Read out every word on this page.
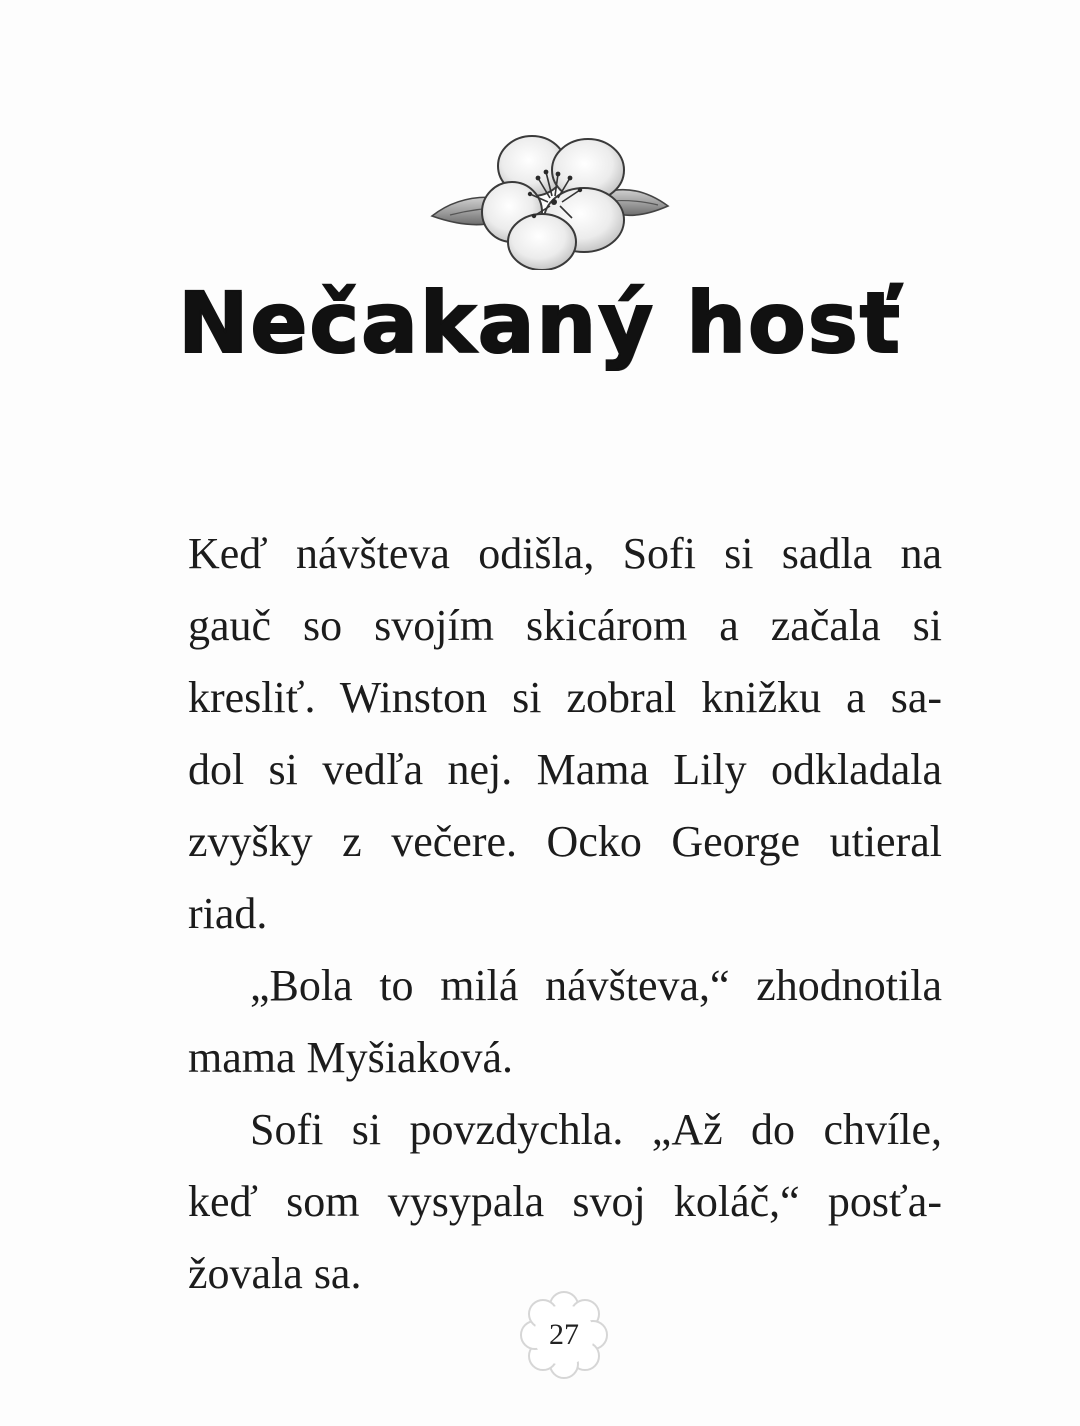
Nečakaný hosť

Keď návšteva odišla, Sofi si sadla na
gauč so svojím skicárom a začala si
kresliť. Winston si zobral knižku a sa-
dol si vedľa nej. Mama Lily odkladala
zvyšky z večere. Ocko George utieral
riad.

„Bola to milá návšteva,“ zhodnotila
mama Myšiaková.

Sofi si povzdychla. „Až do chvíle,
keď som vysypala svoj koláč,“ posťa-
žovala sa.

27
